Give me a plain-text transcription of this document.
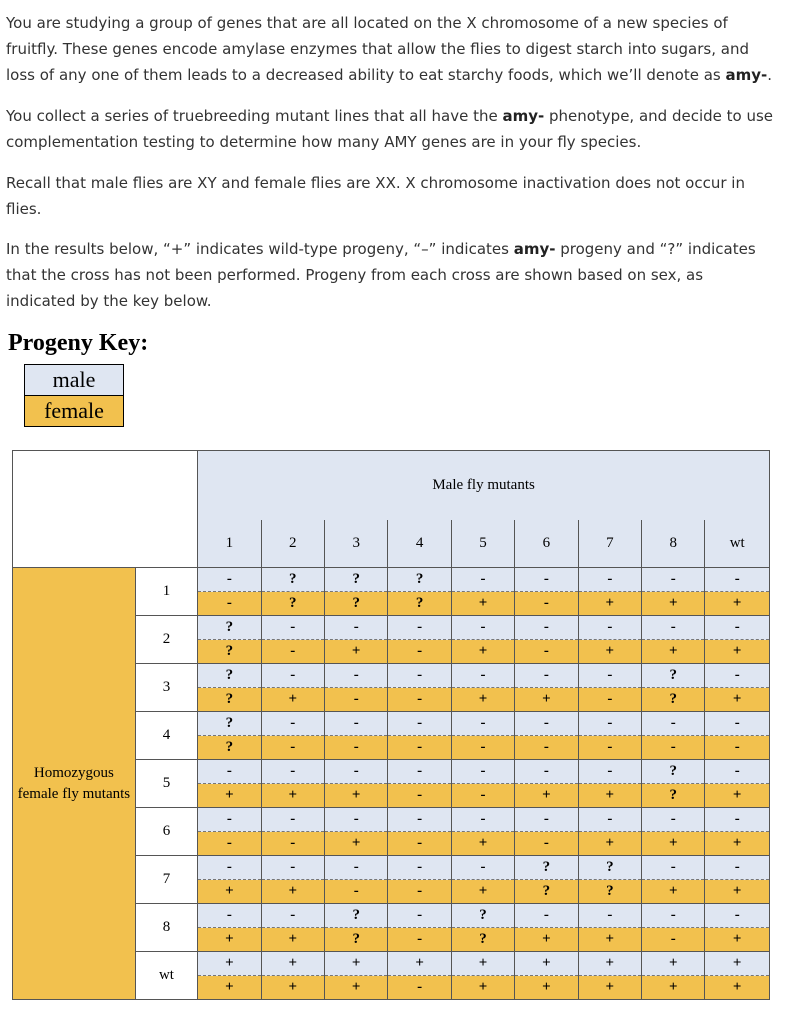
You are studying a group of genes that are all located on the X chromosome of a new species of fruitfly. These genes encode amylase enzymes that allow the flies to digest starch into sugars, and loss of any one of them leads to a decreased ability to eat starchy foods, which we’ll denote as amy-.

You collect a series of truebreeding mutant lines that all have the amy- phenotype, and decide to use complementation testing to determine how many AMY genes are in your fly species.

Recall that male flies are XY and female flies are XX. X chromosome inactivation does not occur in flies.

In the results below, “+” indicates wild-type progeny, “–” indicates amy- progeny and “?” indicates that the cross has not been performed. Progeny from each cross are shown based on sex, as indicated by the key below.

Progeny Key:
male
female
		Male fly mutants								
		1	2	3	4	5	6	7	8	wt
Homozygous female fly mutants	1	-	?	?	?	-	-	-	-	-
		-	?	?	?	+	-	+	+	+
	2	?	-	-	-	-	-	-	-	-
		?	-	+	-	+	-	+	+	+
	3	?	-	-	-	-	-	-	?	-
		?	+	-	-	+	+	-	?	+
	4	?	-	-	-	-	-	-	-	-
		?	-	-	-	-	-	-	-	-
	5	-	-	-	-	-	-	-	?	-
		+	+	+	-	-	+	+	?	+
	6	-	-	-	-	-	-	-	-	-
		-	-	+	-	+	-	+	+	+
	7	-	-	-	-	-	?	?	-	-
		+	+	-	-	+	?	?	+	+
	8	-	-	?	-	?	-	-	-	-
		+	+	?	-	?	+	+	-	+
	wt	+	+	+	+	+	+	+	+	+
		+	+	+	-	+	+	+	+	+
